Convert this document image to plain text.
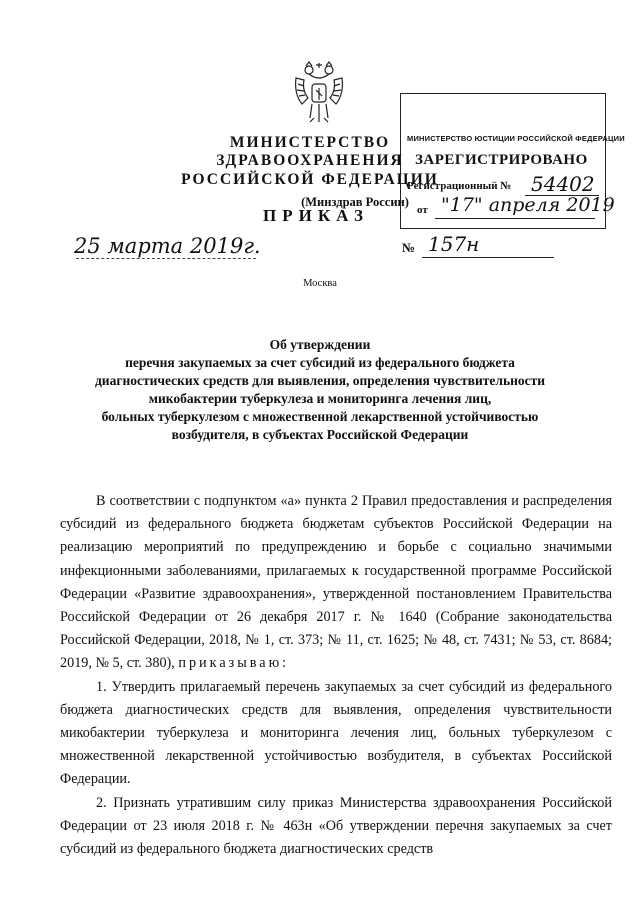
МИНИСТЕРСТВО ЗДРАВООХРАНЕНИЯ
РОССИЙСКОЙ ФЕДЕРАЦИИ
(Минздрав России)
МИНИСТЕРСТВО ЮСТИЦИИ РОССИЙСКОЙ ФЕДЕРАЦИИ
ЗАРЕГИСТРИРОВАНО
Регистрационный № 54402
от "17" апреля 2019
ПРИКАЗ
25 марта 2019г.	№ 157н
Москва
Об утверждении
перечня закупаемых за счет субсидий из федерального бюджета
диагностических средств для выявления, определения чувствительности
микобактерии туберкулеза и мониторинга лечения лиц,
больных туберкулезом с множественной лекарственной устойчивостью
возбудителя, в субъектах Российской Федерации

В соответствии с подпунктом «а» пункта 2 Правил предоставления и распределения субсидий из федерального бюджета бюджетам субъектов Российской Федерации на реализацию мероприятий по предупреждению и борьбе с социально значимыми инфекционными заболеваниями, прилагаемых к государственной программе Российской Федерации «Развитие здравоохранения», утвержденной постановлением Правительства Российской Федерации от 26 декабря 2017 г. № 1640 (Собрание законодательства Российской Федерации, 2018, № 1, ст. 373; № 11, ст. 1625; № 48, ст. 7431; № 53, ст. 8684; 2019, № 5, ст. 380), приказываю:

1. Утвердить прилагаемый перечень закупаемых за счет субсидий из федерального бюджета диагностических средств для выявления, определения чувствительности микобактерии туберкулеза и мониторинга лечения лиц, больных туберкулезом с множественной лекарственной устойчивостью возбудителя, в субъектах Российской Федерации.

2. Признать утратившим силу приказ Министерства здравоохранения Российской Федерации от 23 июля 2018 г. № 463н «Об утверждении перечня закупаемых за счет субсидий из федерального бюджета диагностических средств
